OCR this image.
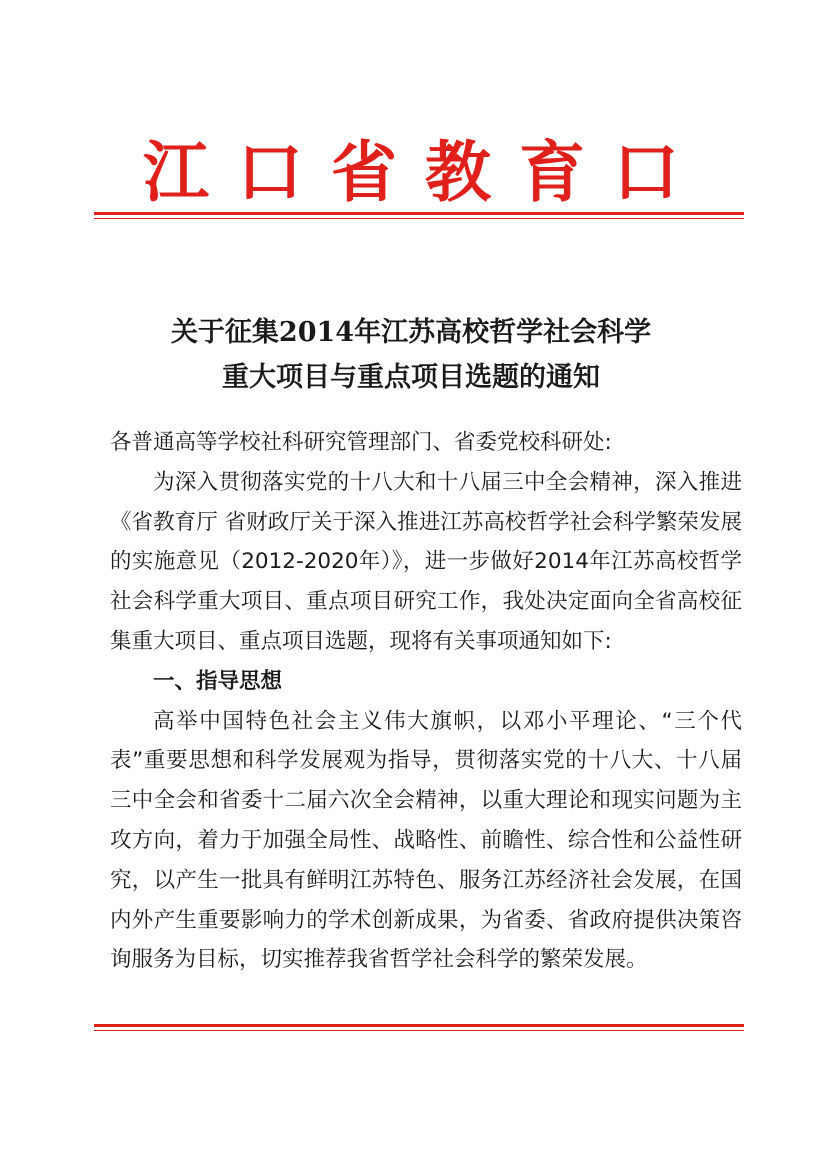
江口省教育口
关于征集2014年江苏高校哲学社会科学
重大项目与重点项目选题的通知

各普通高等学校社科研究管理部门、省委党校科研处:

为深入贯彻落实党的十八大和十八届三中全会精神，深入推进《省教育厅 省财政厅关于深入推进江苏高校哲学社会科学繁荣发展的实施意见（2012-2020年）》，进一步做好2014年江苏高校哲学社会科学重大项目、重点项目研究工作，我处决定面向全省高校征集重大项目、重点项目选题，现将有关事项通知如下:

一、指导思想

高举中国特色社会主义伟大旗帜，以邓小平理论、“三个代表”重要思想和科学发展观为指导，贯彻落实党的十八大、十八届三中全会和省委十二届六次全会精神，以重大理论和现实问题为主攻方向，着力于加强全局性、战略性、前瞻性、综合性和公益性研究，以产生一批具有鲜明江苏特色、服务江苏经济社会发展，在国内外产生重要影响力的学术创新成果，为省委、省政府提供决策咨询服务为目标，切实推荐我省哲学社会科学的繁荣发展。
